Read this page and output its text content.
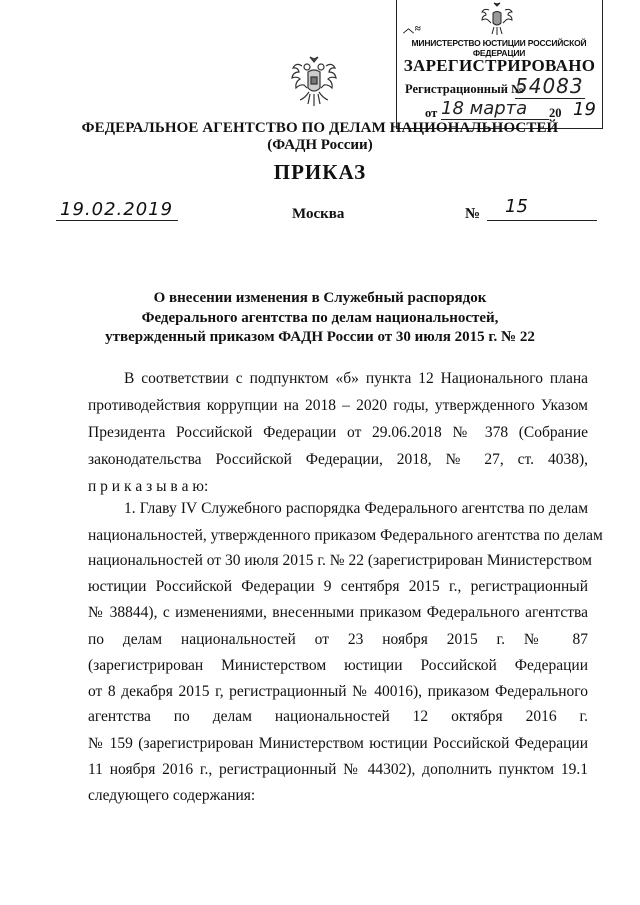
︿ ≈
МИНИСТЕРСТВО ЮСТИЦИИ РОССИЙСКОЙ ФЕДЕРАЦИИ
ЗАРЕГИСТРИРОВАНО
Регистрационный №
54083
от 18 марта	20 19
ФЕДЕРАЛЬНОЕ АГЕНТСТВО ПО ДЕЛАМ НАЦИОНАЛЬНОСТЕЙ
(ФАДН России)
ПРИКАЗ
19.02.2019	Москва	№ 15
О внесении изменения в Служебный распорядок
Федерального агентства по делам национальностей,
утвержденный приказом ФАДН России от 30 июля 2015 г. № 22
В соответствии с подпунктом «б» пункта 12 Национального плана
противодействия коррупции на 2018 – 2020 годы, утвержденного Указом
Президента Российской Федерации от 29.06.2018 № 378 (Собрание
законодательства Российской Федерации, 2018, № 27, ст. 4038),
п р и к а з ы в а ю:
1. Главу IV Служебного распорядка Федерального агентства по делам
национальностей, утвержденного приказом Федерального агентства по делам
национальностей от 30 июля 2015 г. № 22 (зарегистрирован Министерством
юстиции Российской Федерации 9 сентября 2015 г., регистрационный
№ 38844), с изменениями, внесенными приказом Федерального агентства
по делам национальностей от 23 ноября 2015 г. № 87
(зарегистрирован Министерством юстиции Российской Федерации
от 8 декабря 2015 г, регистрационный № 40016), приказом Федерального
агентства по делам национальностей 12 октября 2016 г.
№ 159 (зарегистрирован Министерством юстиции Российской Федерации
11 ноября 2016 г., регистрационный № 44302), дополнить пунктом 19.1
следующего содержания:
